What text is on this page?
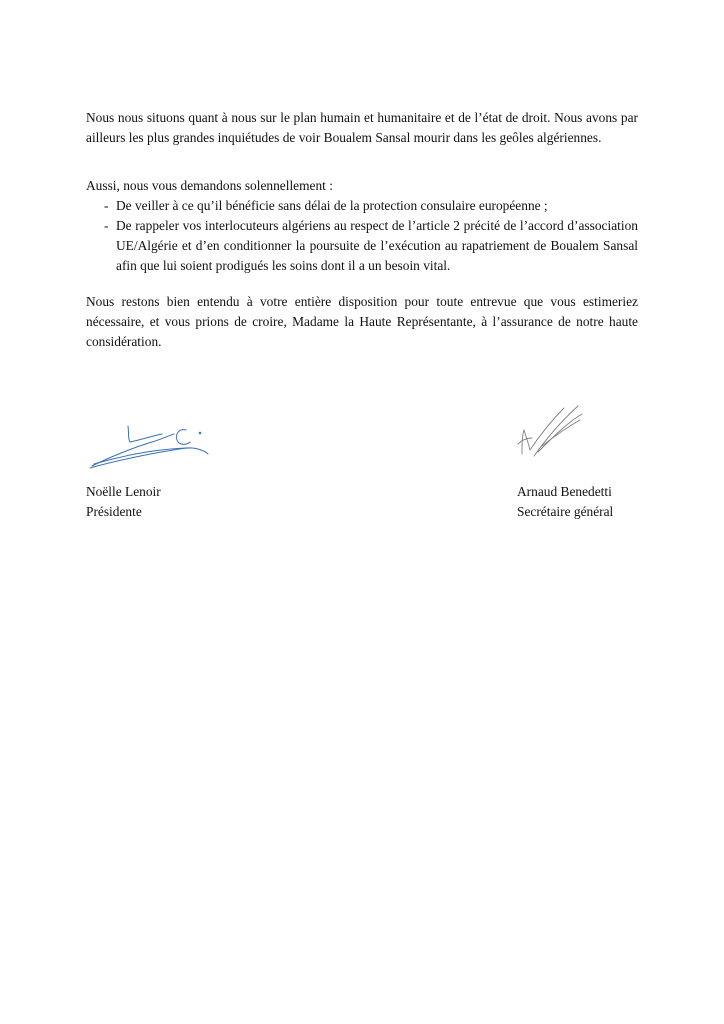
Nous nous situons quant à nous sur le plan humain et humanitaire et de l’état de droit. Nous avons par ailleurs les plus grandes inquiétudes de voir Boualem Sansal mourir dans les geôles algériennes.

Aussi, nous vous demandons solennellement :

- De veiller à ce qu’il bénéficie sans délai de la protection consulaire européenne ;
- De rappeler vos interlocuteurs algériens au respect de l’article 2 précité de l’accord d’association UE/Algérie et d’en conditionner la poursuite de l’exécution au rapatriement de Boualem Sansal afin que lui soient prodigués les soins dont il a un besoin vital.

Nous restons bien entendu à votre entière disposition pour toute entrevue que vous estimeriez nécessaire, et vous prions de croire, Madame la Haute Représentante, à l’assurance de notre haute considération.

Noëlle Lenoir
Présidente
Arnaud Benedetti
Secrétaire général
